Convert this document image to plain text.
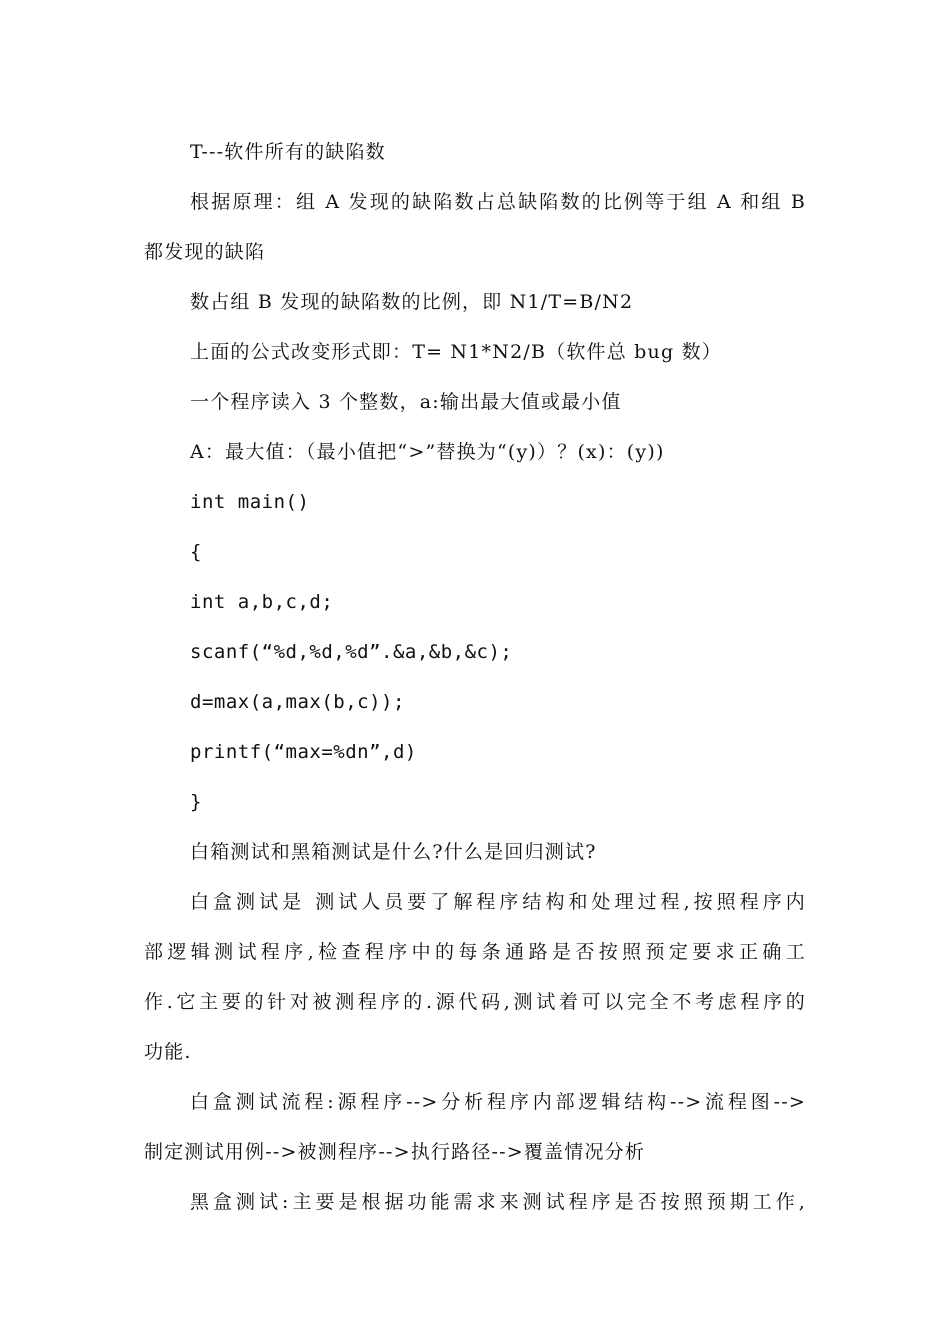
T---软件所有的缺陷数
根据原理：组 A 发现的缺陷数占总缺陷数的比例等于组 A 和组 B
都发现的缺陷
数占组 B 发现的缺陷数的比例，即 N1/T=B/N2
上面的公式改变形式即：T= N1*N2/B（软件总 bug 数）
一个程序读入 3 个整数，a:输出最大值或最小值
A：最大值：（最小值把“>”替换为“(y)）？(x)：(y))
int main()
{
int a,b,c,d;
scanf(“%d,%d,%d”.&a,&b,&c);
d=max(a,max(b,c));
printf(“max=%dn”,d)
}
白箱测试和黑箱测试是什么?什么是回归测试?
白盒测试是 测试人员要了解程序结构和处理过程,按照程序内
部逻辑测试程序,检查程序中的每条通路是否按照预定要求正确工
作.它主要的针对被测程序的.源代码,测试着可以完全不考虑程序的
功能.
白盒测试流程:源程序-->分析程序内部逻辑结构-->流程图-->
制定测试用例-->被测程序-->执行路径-->覆盖情况分析
黑盒测试:主要是根据功能需求来测试程序是否按照预期工作,
